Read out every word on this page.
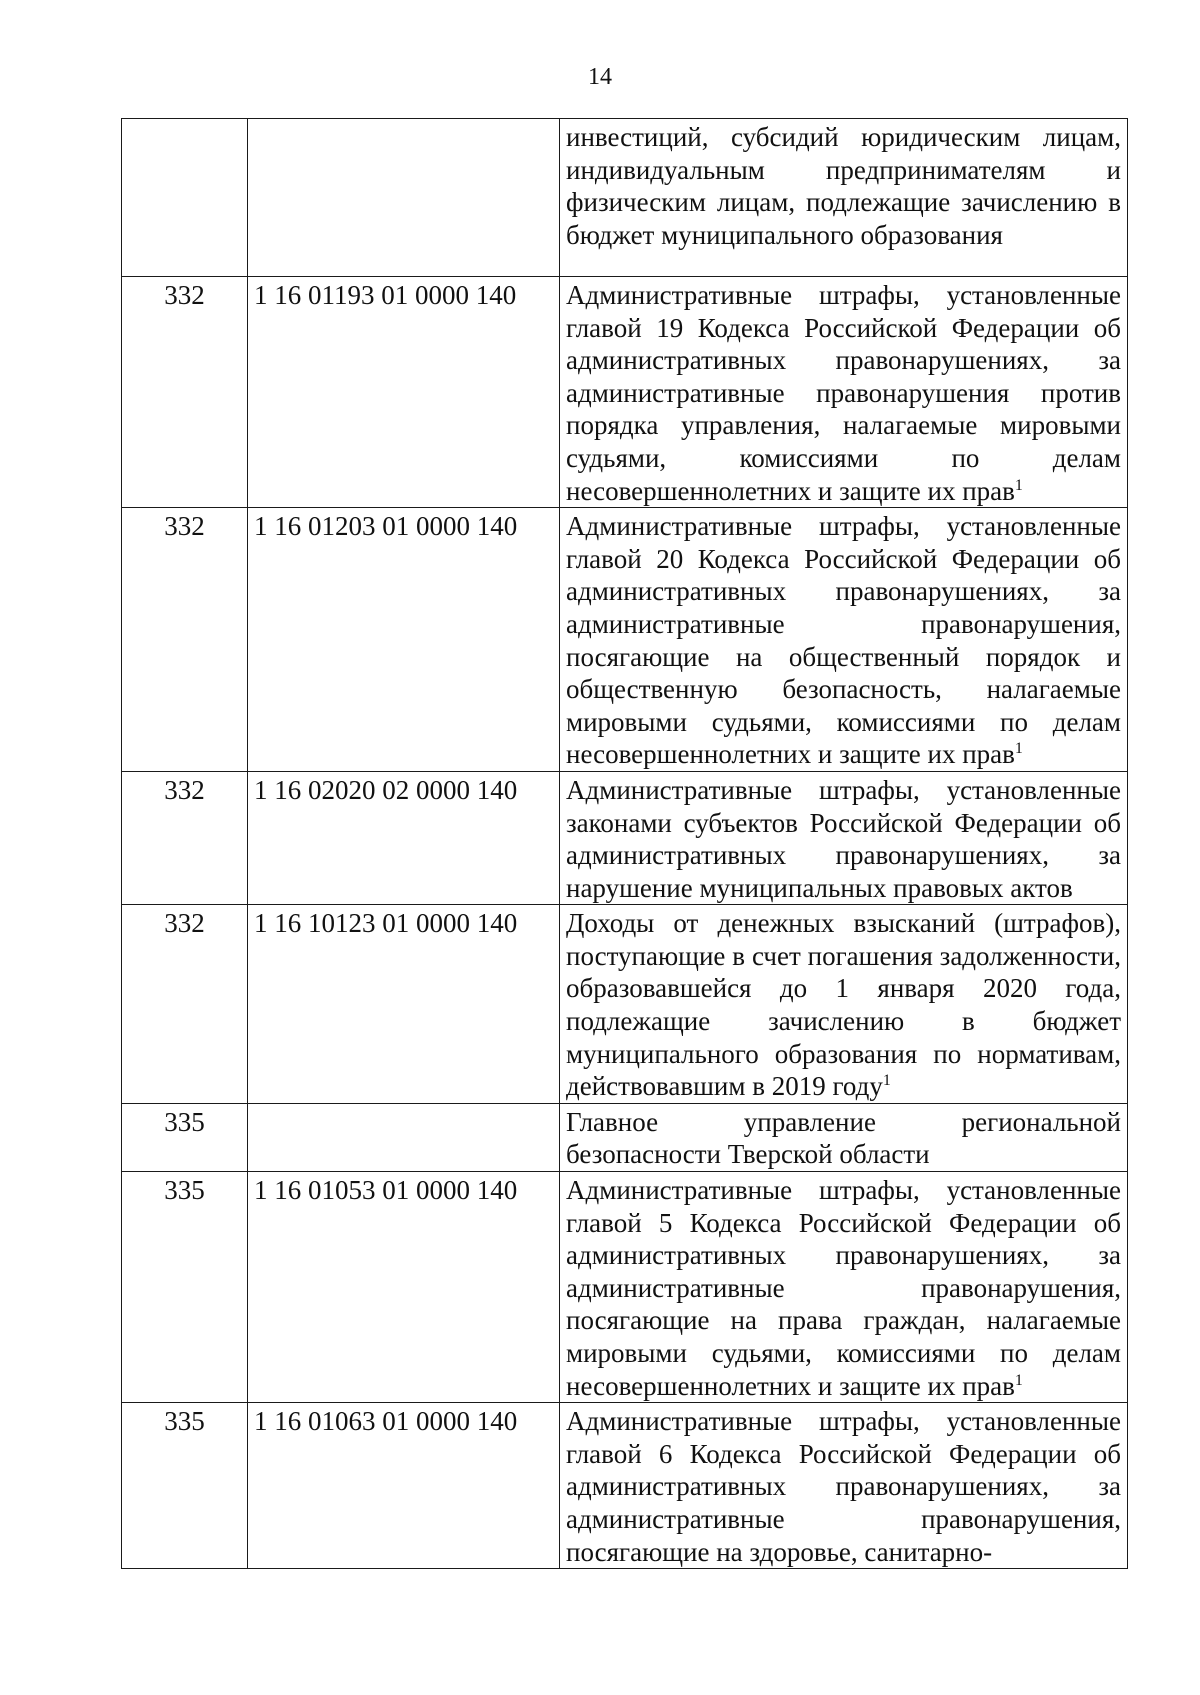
14
		инвестиций, субсидий юридическим лицам, индивидуальным предпринимателям и физическим лицам, подлежащие зачислению в бюджет муниципального образования
332	1 16 01193 01 0000 140	Административные штрафы, установленные главой 19 Кодекса Российской Федерации об административных правонарушениях, за административные правонарушения против порядка управления, налагаемые мировыми судьями, комиссиями по делам несовершеннолетних и защите их прав$^1$
332	1 16 01203 01 0000 140	Административные штрафы, установленные главой 20 Кодекса Российской Федерации об административных правонарушениях, за административные правонарушения, посягающие на общественный порядок и общественную безопасность, налагаемые мировыми судьями, комиссиями по делам несовершеннолетних и защите их прав$^1$
332	1 16 02020 02 0000 140	Административные штрафы, установленные законами субъектов Российской Федерации об административных правонарушениях, за нарушение муниципальных правовых актов
332	1 16 10123 01 0000 140	Доходы от денежных взысканий (штрафов), поступающие в счет погашения задолженности, образовавшейся до 1 января 2020 года, подлежащие зачислению в бюджет муниципального образования по нормативам, действовавшим в 2019 году$^1$
335		Главное управление региональной безопасности Тверской области
335	1 16 01053 01 0000 140	Административные штрафы, установленные главой 5 Кодекса Российской Федерации об административных правонарушениях, за административные правонарушения, посягающие на права граждан, налагаемые мировыми судьями, комиссиями по делам несовершеннолетних и защите их прав$^1$
335	1 16 01063 01 0000 140	Административные штрафы, установленные главой 6 Кодекса Российской Федерации об административных правонарушениях, за административные правонарушения, посягающие на здоровье, санитарно-
